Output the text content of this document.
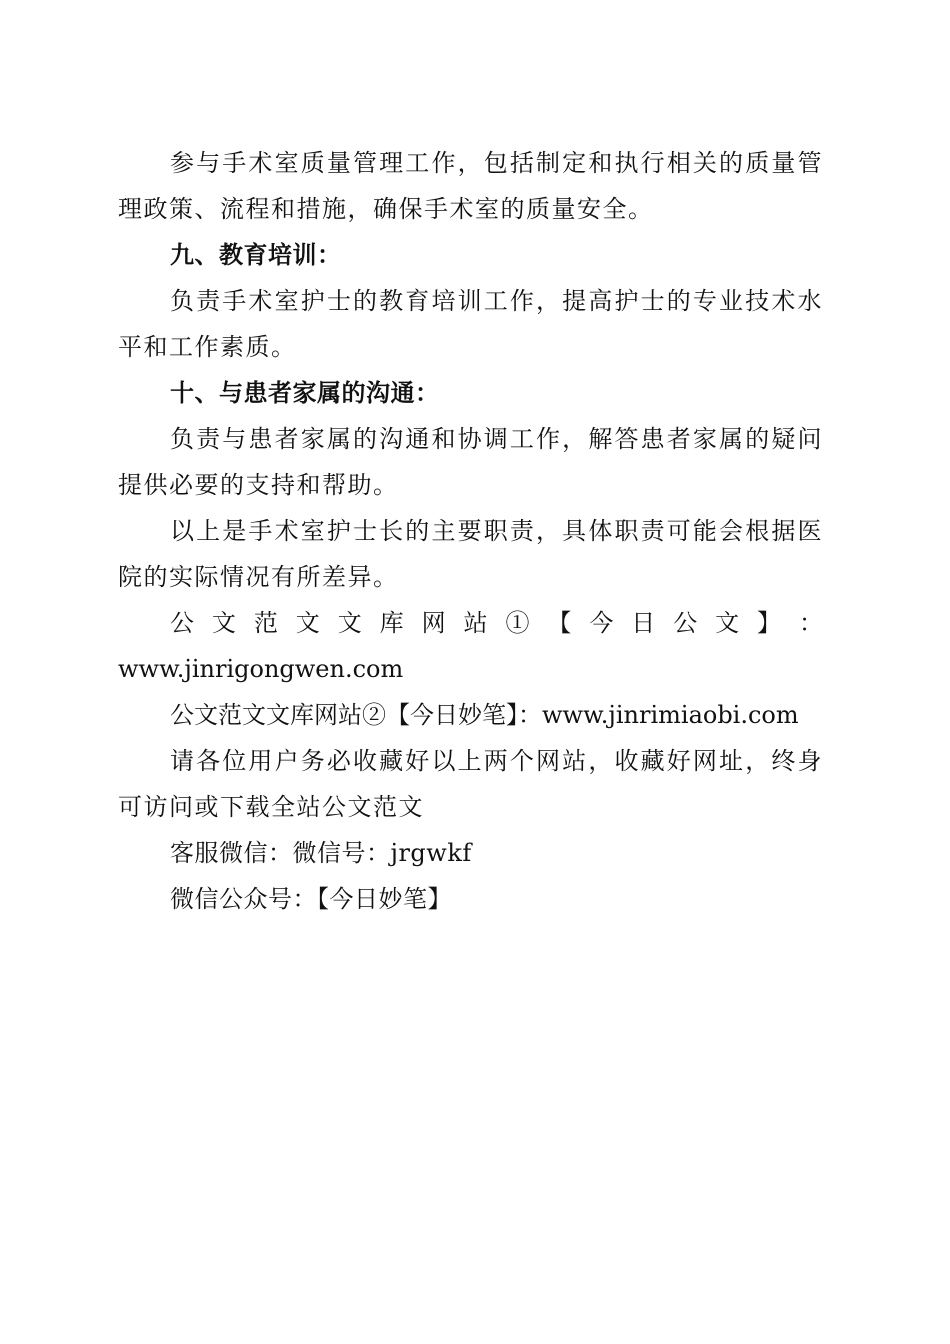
参与手术室质量管理工作，包括制定和执行相关的质量管理政策、流程和措施，确保手术室的质量安全。

九、教育培训：

负责手术室护士的教育培训工作，提高护士的专业技术水平和工作素质。

十、与患者家属的沟通：

负责与患者家属的沟通和协调工作，解答患者家属的疑问提供必要的支持和帮助。

以上是手术室护士长的主要职责，具体职责可能会根据医院的实际情况有所差异。

公 文 范 文 文 库 网 站 ① 【 今 日 公 文 】 ：

www.jinrigongwen.com

公文范文文库网站②【今日妙笔】：www.jinrimiaobi.com

请各位用户务必收藏好以上两个网站，收藏好网址，终身可访问或下载全站公文范文

客服微信：微信号：jrgwkf

微信公众号：【今日妙笔】
